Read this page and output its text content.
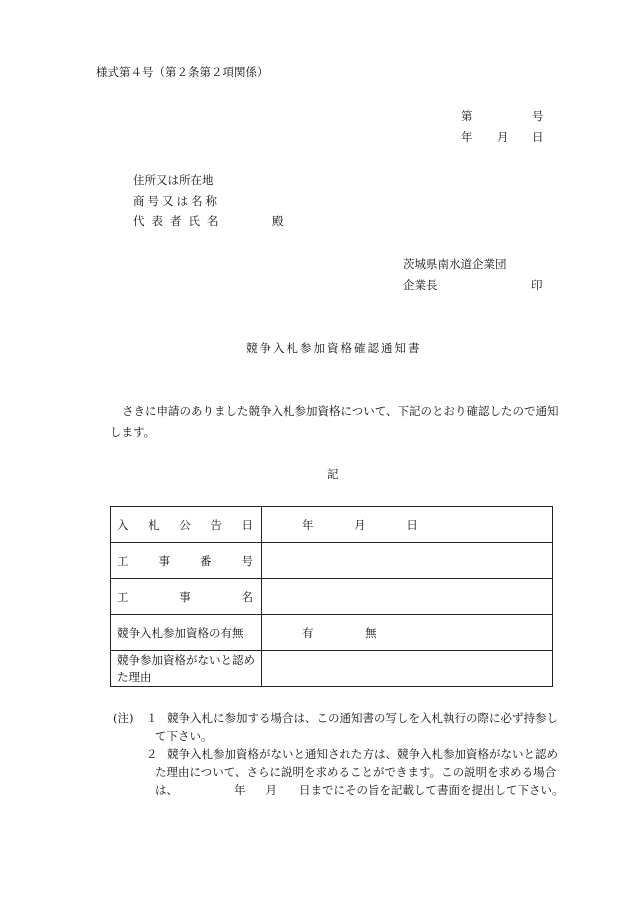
様式第４号（第２条第２項関係）
第	号
年 月 日
住所又は所在地
商号又は名称
代表者氏名	殿
茨城県南水道企業団
企業長	印
競争入札参加資格確認通知書
さきに申請のありました競争入札参加資格について、下記のとおり確認したので通知
します。
記
入 札 公 告 日	年 月 日

工 事 番 号	

工 事 名	

競争入札参加資格の有無	有 無

競争参加資格がないと認め
た理由	

(注) １ 競争入札に参加する場合は、この通知書の写しを入札執行の際に必ず持参し
て下さい。
２ 競争入札参加資格がないと通知された方は、競争入札参加資格がないと認め
た理由について、さらに説明を求めることができます。この説明を求める場合
は、	年 月 日までにその旨を記載して書面を提出して下さい。
